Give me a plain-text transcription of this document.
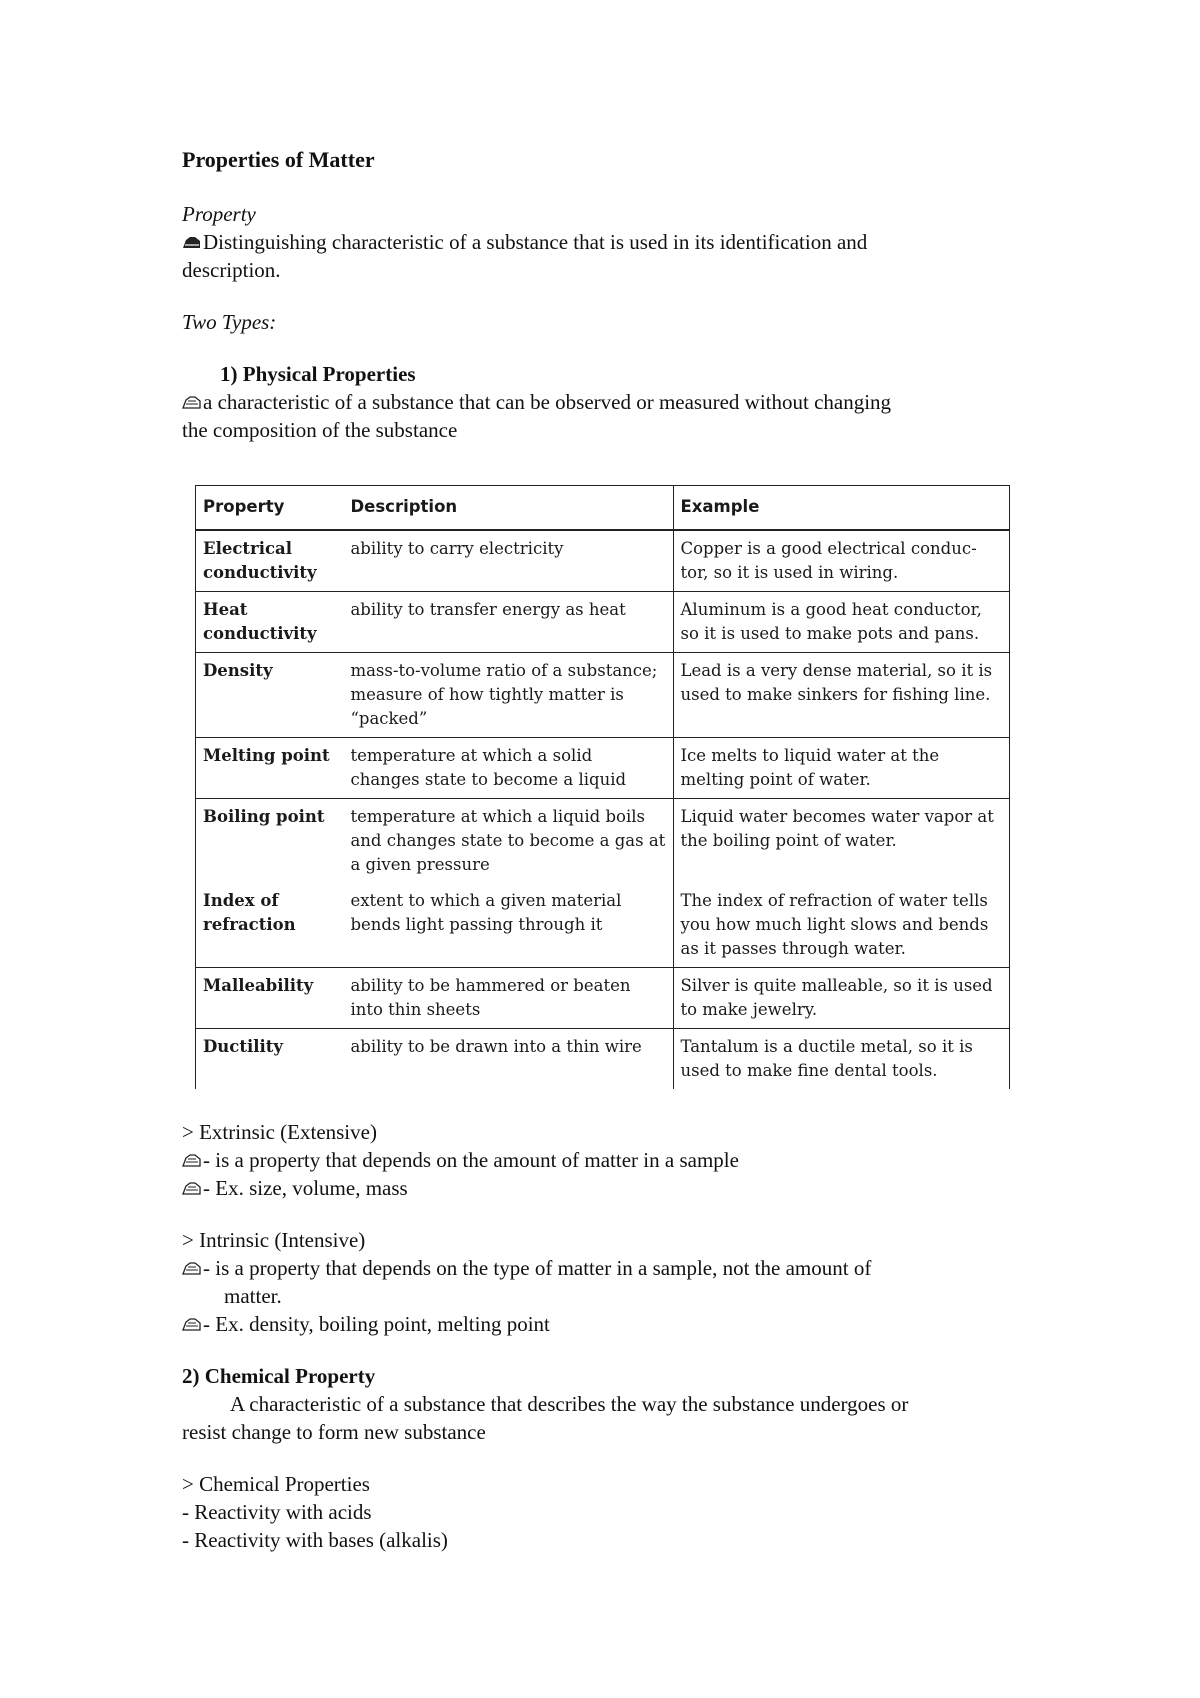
Properties of Matter

Property

Distinguishing characteristic of a substance that is used in its identification and
description.

Two Types:

1) Physical Properties

a characteristic of a substance that can be observed or measured without changing
the composition of the substance

Property	Description	Example
Electrical conductivity	ability to carry electricity	Copper is a good electrical conduc-tor, so it is used in wiring.
Heat conductivity	ability to transfer energy as heat	Aluminum is a good heat conductor, so it is used to make pots and pans.
Density	mass-to-volume ratio of a substance; measure of how tightly matter is “packed”	Lead is a very dense material, so it is used to make sinkers for fishing line.
Melting point	temperature at which a solid changes state to become a liquid	Ice melts to liquid water at the melting point of water.
Boiling point	temperature at which a liquid boils and changes state to become a gas at a given pressure	Liquid water becomes water vapor at the boiling point of water.
Index of refraction	extent to which a given material bends light passing through it	The index of refraction of water tells you how much light slows and bends as it passes through water.
Malleability	ability to be hammered or beaten into thin sheets	Silver is quite malleable, so it is used to make jewelry.
Ductility	ability to be drawn into a thin wire	Tantalum is a ductile metal, so it is used to make fine dental tools.

> Extrinsic (Extensive)

- is a property that depends on the amount of matter in a sample

- Ex. size, volume, mass

> Intrinsic (Intensive)

- is a property that depends on the type of matter in a sample, not the amount of
matter.

- Ex. density, boiling point, melting point

2) Chemical Property

A characteristic of a substance that describes the way the substance undergoes or
resist change to form new substance

> Chemical Properties

- Reactivity with acids

- Reactivity with bases (alkalis)
